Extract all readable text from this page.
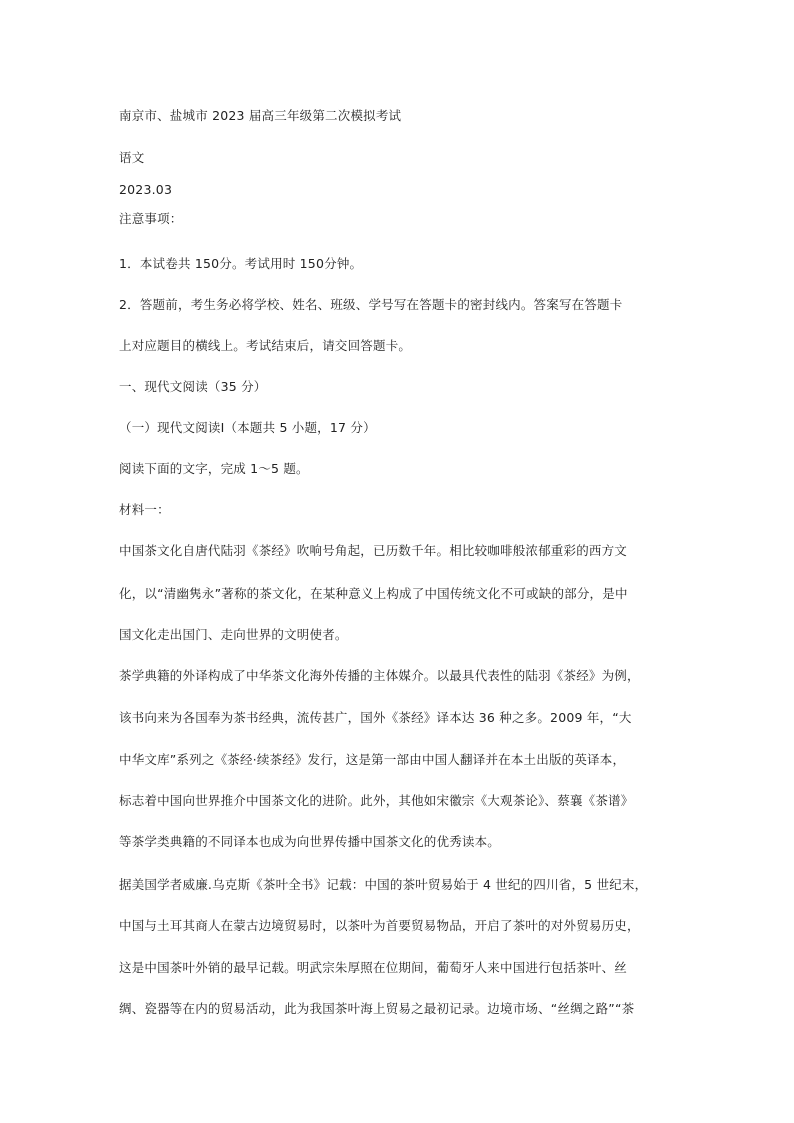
南京市、盐城市 2023 届高三年级第二次模拟考试
语文
2023.03
注意事项：
1．本试卷共 150分。考试用时 150分钟。
2．答题前，考生务必将学校、姓名、班级、学号写在答题卡的密封线内。答案写在答题卡
上对应题目的横线上。考试结束后，请交回答题卡。
一、现代文阅读（35 分）
（一）现代文阅读Ⅰ（本题共 5 小题，17 分）
阅读下面的文字，完成 1～5 题。
材料一：
中国茶文化自唐代陆羽《茶经》吹响号角起，已历数千年。相比较咖啡般浓郁重彩的西方文
化，以“清幽隽永”著称的茶文化，在某种意义上构成了中国传统文化不可或缺的部分，是中
国文化走出国门、走向世界的文明使者。
茶学典籍的外译构成了中华茶文化海外传播的主体媒介。以最具代表性的陆羽《茶经》为例，
该书向来为各国奉为茶书经典，流传甚广，国外《茶经》译本达 36 种之多。2009 年，“大
中华文库”系列之《茶经·续茶经》发行，这是第一部由中国人翻译并在本土出版的英译本，
标志着中国向世界推介中国茶文化的进阶。此外，其他如宋徽宗《大观茶论》、蔡襄《茶谱》
等茶学类典籍的不同译本也成为向世界传播中国茶文化的优秀读本。
据美国学者威廉.乌克斯《茶叶全书》记载：中国的茶叶贸易始于 4 世纪的四川省，5 世纪末，
中国与土耳其商人在蒙古边境贸易时，以茶叶为首要贸易物品，开启了茶叶的对外贸易历史，
这是中国茶叶外销的最早记载。明武宗朱厚照在位期间，葡萄牙人来中国进行包括茶叶、丝
绸、瓷器等在内的贸易活动，此为我国茶叶海上贸易之最初记录。边境市场、“丝绸之路”“茶
